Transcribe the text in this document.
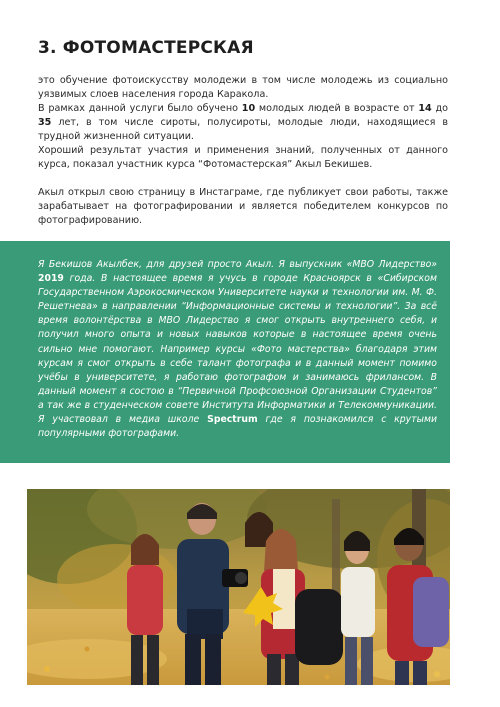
3. ФОТОМАСТЕРСКАЯ

это обучение фотоискусству молодежи в том числе молодежь из социально уязвимых слоев населения города Каракола.

В рамках данной услуги было обучено 10 молодых людей в возрасте от 14 до 35 лет, в том числе сироты, полусироты, молодые люди, находящиеся в трудной жизненной ситуации.

Хороший результат участия и применения знаний, полученных от данного курса, показал участник курса “Фотомастерская” Акыл Бекишев.

Акыл открыл свою страницу в Инстаграме, где публикует свои работы, также зарабатывает на фотографировании и является победителем конкурсов по фотографированию.

Я Бекишов Акылбек, для друзей просто Акыл. Я выпускник «МВО Лидерство» 2019 года. В настоящее время я учусь в городе Красноярск в «Сибирском Государственном Аэрокосмическом Университете науки и технологии им. М. Ф. Решетнева» в направлении “Информационные системы и технологии”. За всё время волонтёрства в МВО Лидерство я смог открыть внутреннего себя, и получил много опыта и новых навыков которые в настоящее время очень сильно мне помогают. Например курсы «Фото мастерства» благодаря этим курсам я смог открыть в себе талант фотографа и в данный момент помимо учёбы в университете, я работаю фотографом и занимаюсь фрилансом. В данный момент я состою в “Первичной Профсоюзной Организации Студентов” а так же в студенческом совете Института Информатики и Телекоммуникации. Я участвовал в медиа школе Spectrum где я познакомился с крутыми популярными фотографами.
